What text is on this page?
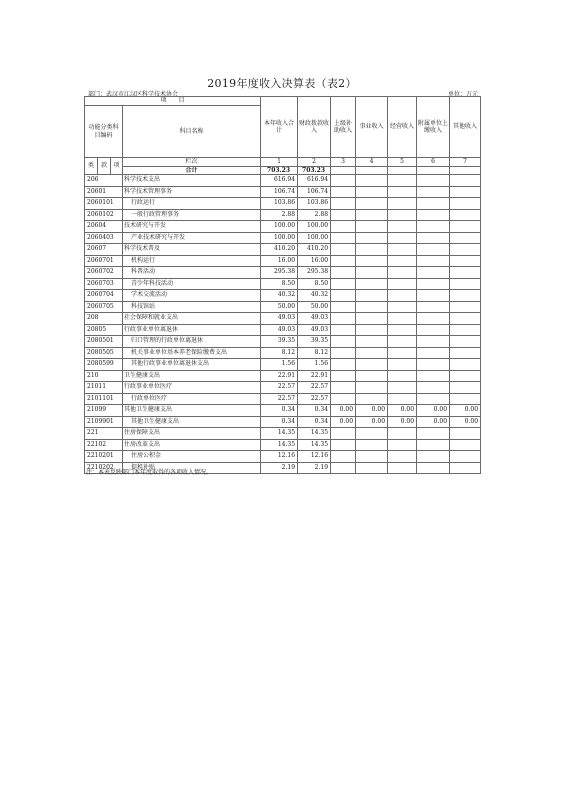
2019年度收入决算表（表2）
部门：武汉市江汉区科学技术协会	单位：万元
项　　目				本年收入合计	财政拨款收入	上级补助收入	事业收入	经营收入	附属单位上缴收入	其他收入
功能分类科目编码			科目名称							

类	款	项	栏次	1	2	3	4	5	6	7
			合计	703.23	703.23					
206			科学技术支出	616.94	616.94					
20601			科学技术管理事务	106.74	106.74					
2060101			行政运行	103.86	103.86					
2060102			一般行政管理事务	2.88	2.88					
20604			技术研究与开发	100.00	100.00					
2060403			产业技术研究与开发	100.00	100.00					
20607			科学技术普及	410.20	410.20					
2060701			机构运行	16.00	16.00					
2060702			科普活动	295.38	295.38					
2060703			青少年科技活动	8.50	8.50					
2060704			学术交流活动	40.32	40.32					
2060705			科技馆站	50.00	50.00					
208			社会保障和就业支出	49.03	49.03					
20805			行政事业单位离退休	49.03	49.03					
2080501			归口管理的行政单位离退休	39.35	39.35					
2080505			机关事业单位基本养老保险缴费支出	8.12	8.12					
2080599			其他行政事业单位离退休支出	1.56	1.56					
210			卫生健康支出	22.91	22.91					
21011			行政事业单位医疗	22.57	22.57					
2101101			行政单位医疗	22.57	22.57					
21099			其他卫生健康支出	0.34	0.34	0.00	0.00	0.00	0.00	0.00
2109901			其他卫生健康支出	0.34	0.34	0.00	0.00	0.00	0.00	0.00
221			住房保障支出	14.35	14.35					
22102			住房改革支出	14.35	14.35					
2210201			住房公积金	12.16	12.16					
2210202			提租补贴	2.19	2.19					
注：本表反映部门本年度取得的各项收入情况。
